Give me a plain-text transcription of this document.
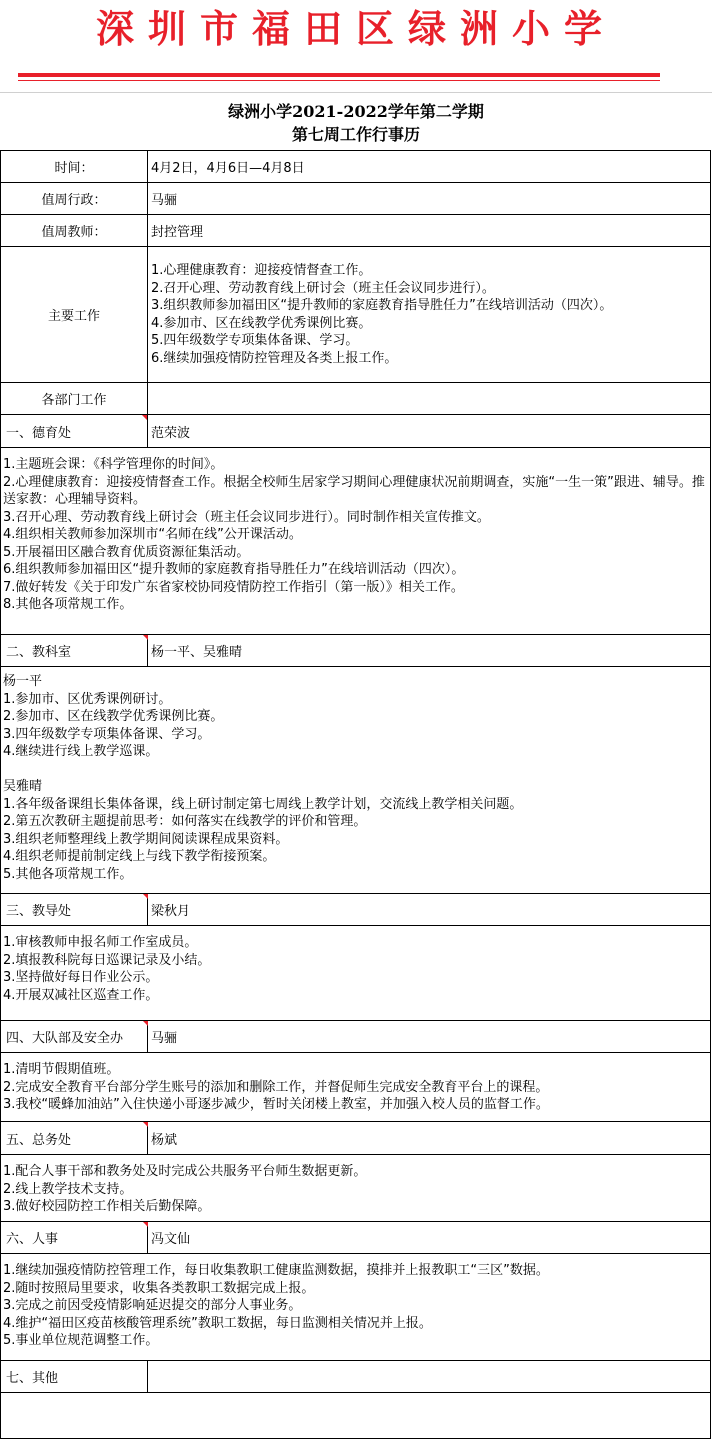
深圳市福田区绿洲小学
绿洲小学2021-2022学年第二学期
第七周工作行事历
时间：	4月2日，4月6日—4月8日
值周行政：	马骊
值周教师：	封控管理
主要工作
1.心理健康教育：迎接疫情督查工作。
2.召开心理、劳动教育线上研讨会（班主任会议同步进行）。
3.组织教师参加福田区“提升教师的家庭教育指导胜任力”在线培训活动（四次）。
4.参加市、区在线教学优秀课例比赛。
5.四年级数学专项集体备课、学习。
6.继续加强疫情防控管理及各类上报工作。
各部门工作
一、德育处	范荣波
1.主题班会课：《科学管理你的时间》。
2.心理健康教育：迎接疫情督查工作。根据全校师生居家学习期间心理健康状况前期调查，实施“一生一策”跟进、辅导。推送家教：心理辅导资料。
3.召开心理、劳动教育线上研讨会（班主任会议同步进行）。同时制作相关宣传推文。
4.组织相关教师参加深圳市“名师在线”公开课活动。
5.开展福田区融合教育优质资源征集活动。
6.组织教师参加福田区“提升教师的家庭教育指导胜任力”在线培训活动（四次）。
7.做好转发《关于印发广东省家校协同疫情防控工作指引（第一版）》相关工作。
8.其他各项常规工作。
二、教科室	杨一平、吴雅晴
杨一平
1.参加市、区优秀课例研讨。
2.参加市、区在线教学优秀课例比赛。
3.四年级数学专项集体备课、学习。
4.继续进行线上教学巡课。

吴雅晴
1.各年级备课组长集体备课，线上研讨制定第七周线上教学计划，交流线上教学相关问题。
2.第五次教研主题提前思考：如何落实在线教学的评价和管理。
3.组织老师整理线上教学期间阅读课程成果资料。
4.组织老师提前制定线上与线下教学衔接预案。
5.其他各项常规工作。
三、教导处	梁秋月
1.审核教师申报名师工作室成员。
2.填报教科院每日巡课记录及小结。
3.坚持做好每日作业公示。
4.开展双减社区巡查工作。
四、大队部及安全办	马骊
1.清明节假期值班。
2.完成安全教育平台部分学生账号的添加和删除工作，并督促师生完成安全教育平台上的课程。
3.我校“暖蜂加油站”入住快递小哥逐步减少，暂时关闭楼上教室，并加强入校人员的监督工作。
五、总务处	杨斌
1.配合人事干部和教务处及时完成公共服务平台师生数据更新。
2.线上教学技术支持。
3.做好校园防控工作相关后勤保障。
六、人事	冯文仙
1.继续加强疫情防控管理工作，每日收集教职工健康监测数据，摸排并上报教职工“三区”数据。
2.随时按照局里要求，收集各类教职工数据完成上报。
3.完成之前因受疫情影响延迟提交的部分人事业务。
4.维护“福田区疫苗核酸管理系统”教职工数据，每日监测相关情况并上报。
5.事业单位规范调整工作。
七、其他
